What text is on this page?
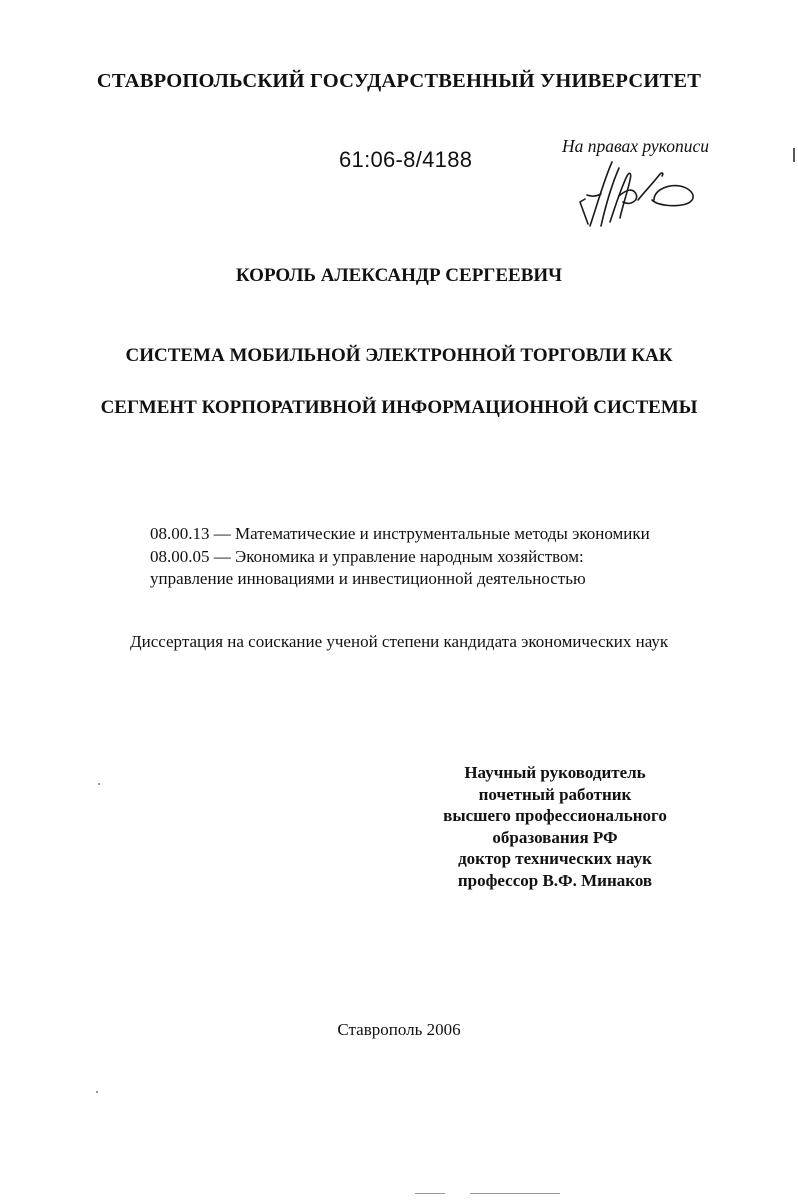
СТАВРОПОЛЬСКИЙ ГОСУДАРСТВЕННЫЙ УНИВЕРСИТЕТ
61:06-8/4188
На правах рукописи
КОРОЛЬ АЛЕКСАНДР СЕРГЕЕВИЧ
СИСТЕМА МОБИЛЬНОЙ ЭЛЕКТРОННОЙ ТОРГОВЛИ КАК
СЕГМЕНТ КОРПОРАТИВНОЙ ИНФОРМАЦИОННОЙ СИСТЕМЫ
08.00.13 — Математические и инструментальные методы экономики
08.00.05 — Экономика и управление народным хозяйством:
управление инновациями и инвестиционной деятельностью
Диссертация на соискание ученой степени кандидата экономических наук
Научный руководитель
почетный работник
высшего профессионального
образования РФ
доктор технических наук
профессор В.Ф. Минаков
Ставрополь 2006
